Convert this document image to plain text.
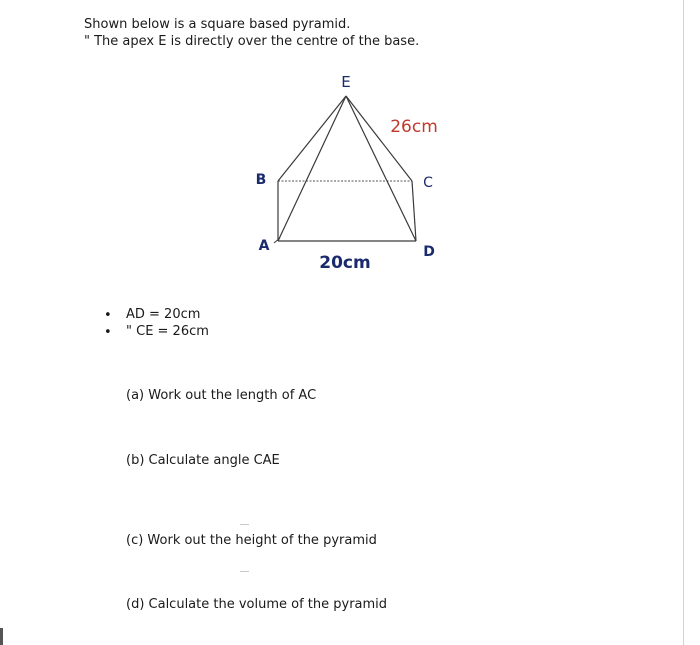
Shown below is a square based pyramid.
" The apex E is directly over the centre of the base.
E
B	C
A	D
26cm
20cm
• AD = 20cm
• " CE = 26cm
(a) Work out the length of AC
(b) Calculate angle CAE
(c) Work out the height of the pyramid
(d) Calculate the volume of the pyramid
